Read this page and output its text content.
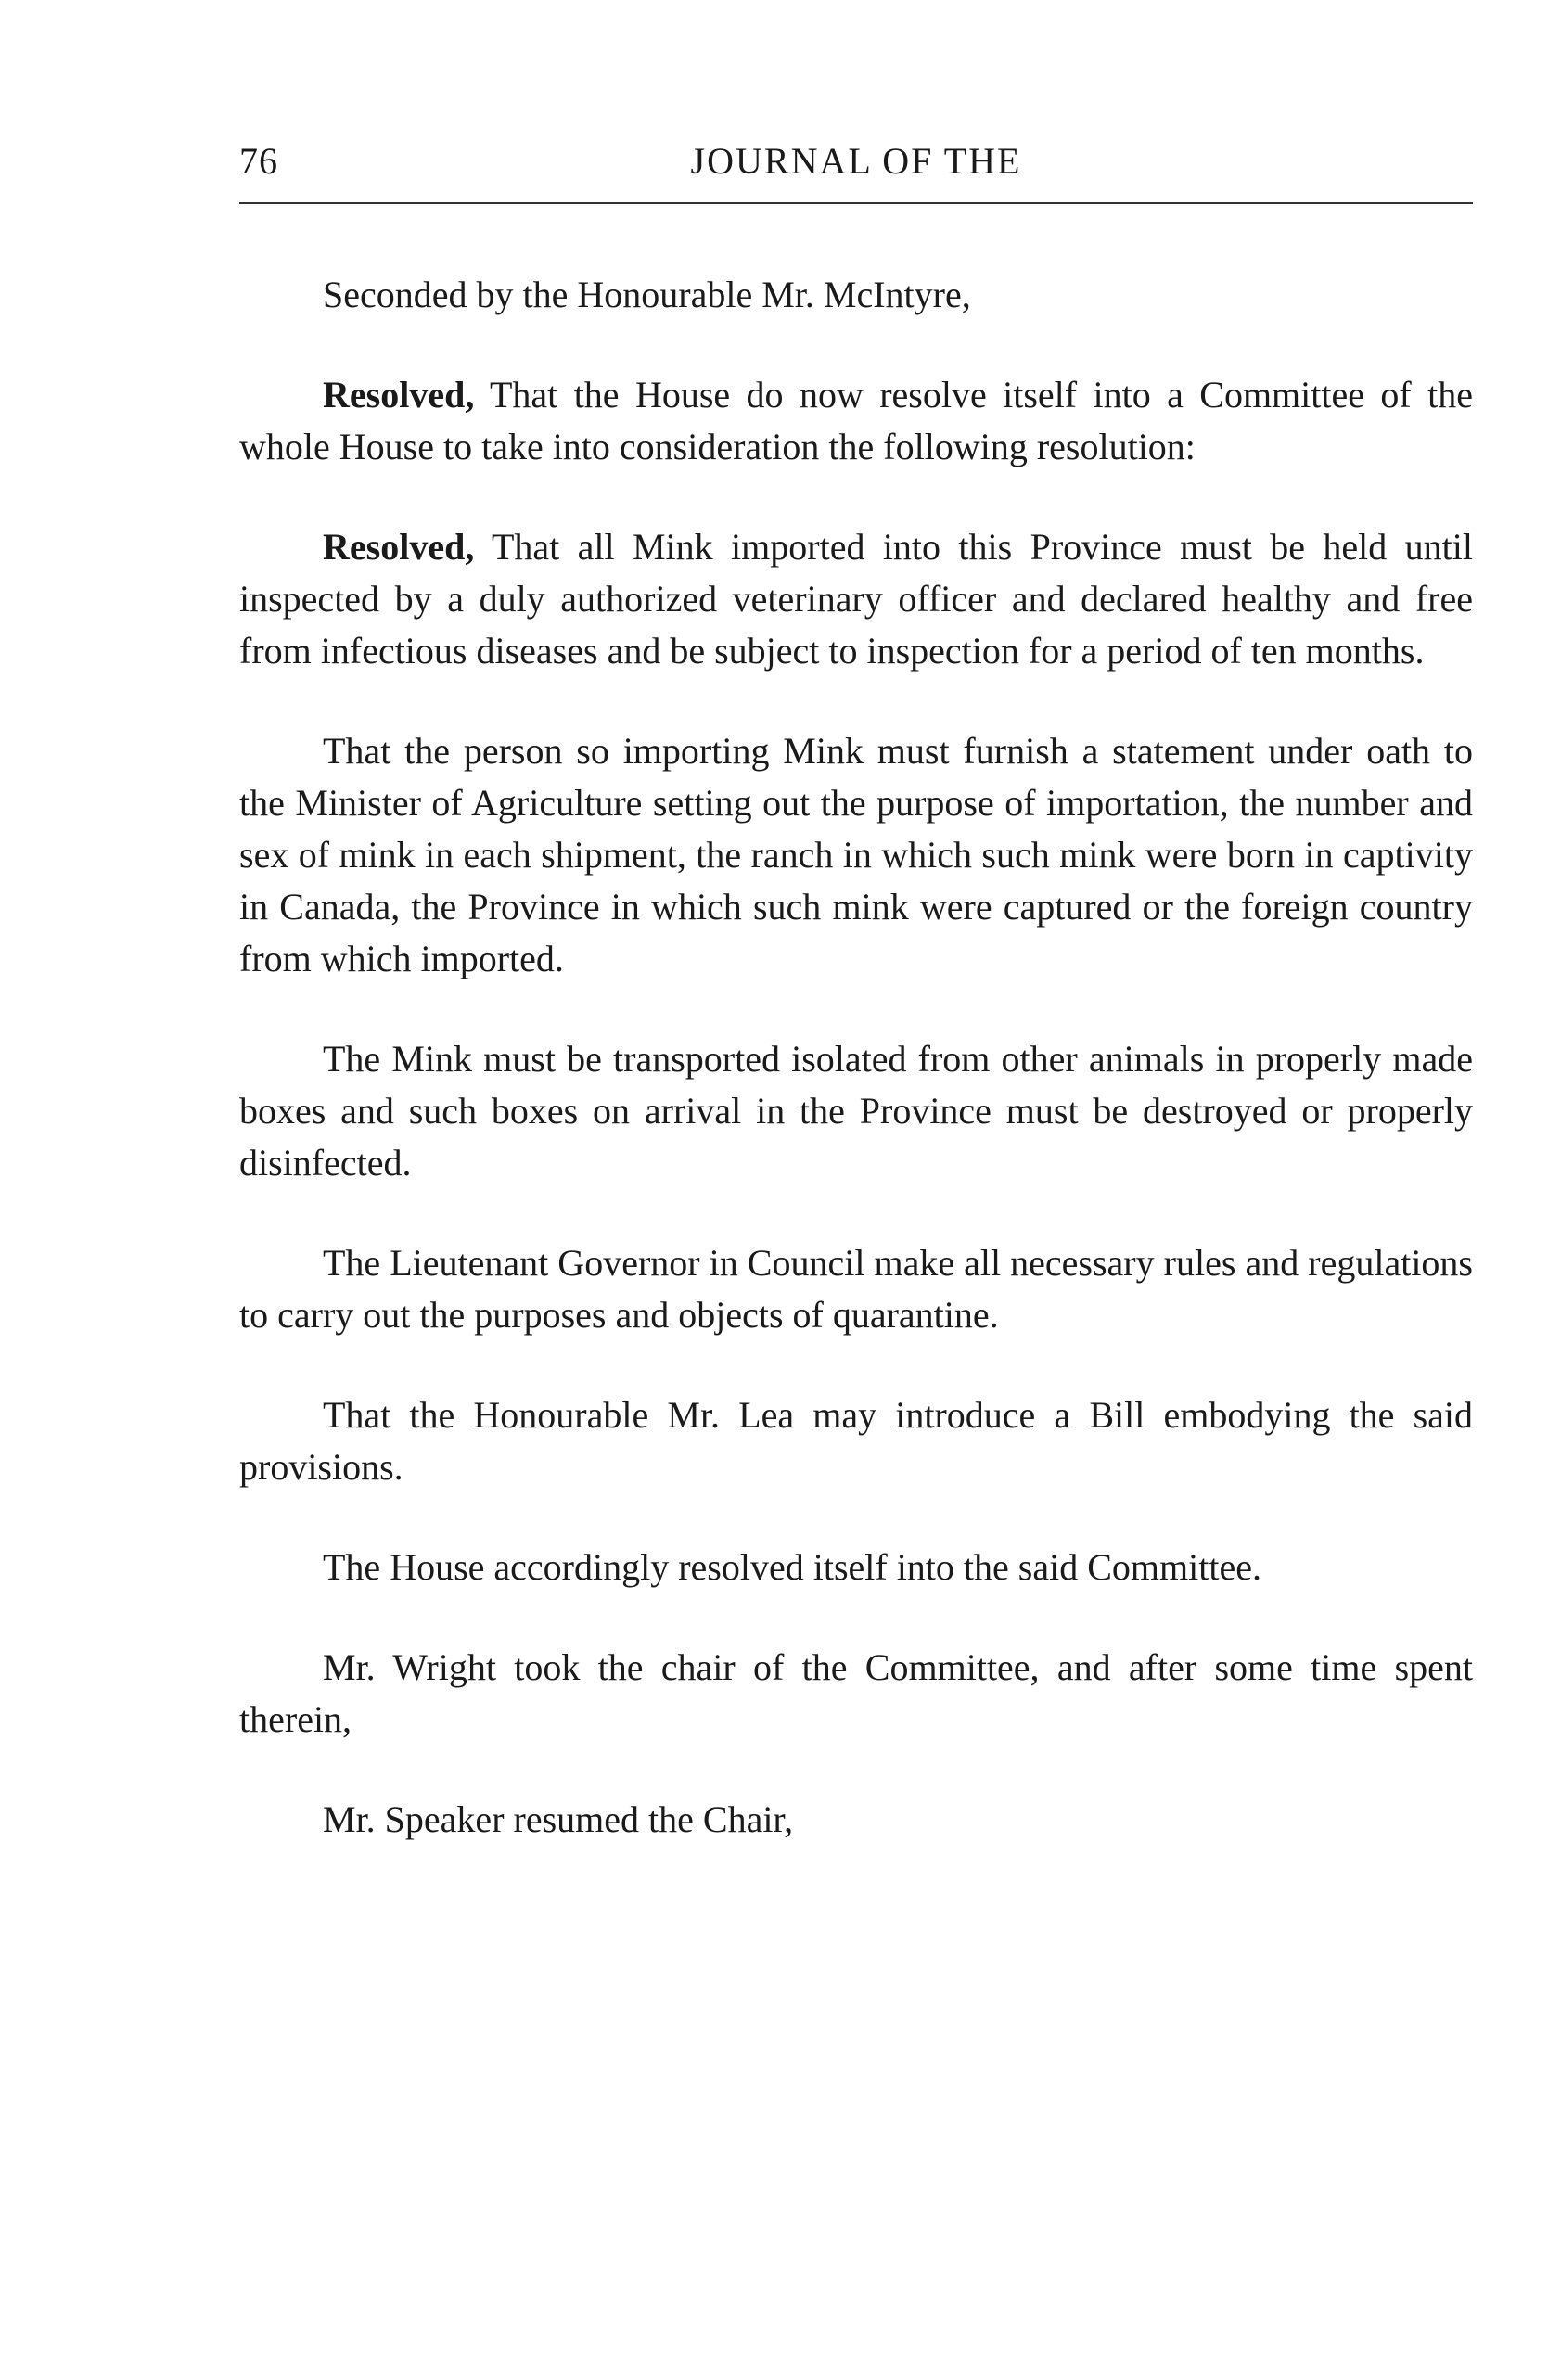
76	JOURNAL OF THE

Seconded by the Honourable Mr. McIntyre,

Resolved, That the House do now resolve itself into a Committee of the whole House to take into consideration the following resolution:

Resolved, That all Mink imported into this Province must be held until inspected by a duly authorized veterinary officer and declared healthy and free from infectious diseases and be subject to inspection for a period of ten months.

That the person so importing Mink must furnish a statement under oath to the Minister of Agriculture setting out the purpose of importation, the number and sex of mink in each shipment, the ranch in which such mink were born in captivity in Canada, the Province in which such mink were captured or the foreign country from which imported.

The Mink must be transported isolated from other animals in properly made boxes and such boxes on arrival in the Province must be destroyed or properly disinfected.

The Lieutenant Governor in Council make all necessary rules and regulations to carry out the purposes and objects of quarantine.

That the Honourable Mr. Lea may introduce a Bill embodying the said provisions.

The House accordingly resolved itself into the said Committee.

Mr. Wright took the chair of the Committee, and after some time spent therein,

Mr. Speaker resumed the Chair,
